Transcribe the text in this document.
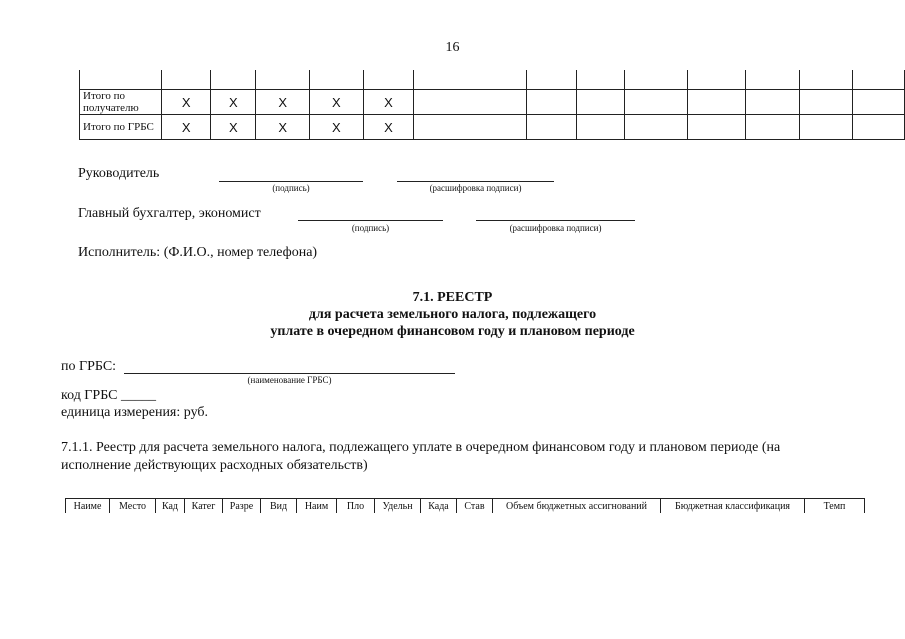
16

Итого по получателю	Х	Х	Х	Х	Х								
Итого по ГРБС	Х	Х	Х	Х	Х								
Руководитель
(подпись)	(расшифровка подписи)
Главный бухгалтер, экономист
(подпись)	(расшифровка подписи)
Исполнитель: (Ф.И.О., номер телефона)
7.1. РЕЕСТР
для расчета земельного налога, подлежащего
уплате в очередном финансовом году и плановом периоде
по ГРБС:
(наименование ГРБС)
код ГРБС _____
единица измерения: руб.
7.1.1. Реестр для расчета земельного налога, подлежащего уплате в очередном финансовом году и плановом периоде (на
исполнение действующих расходных обязательств)
Наиме	Место	Кад	Катег	Разре	Вид	Наим	Пло	Удельн	Када	Став	Объем бюджетных ассигнований	Бюджетная классификация	Темп
